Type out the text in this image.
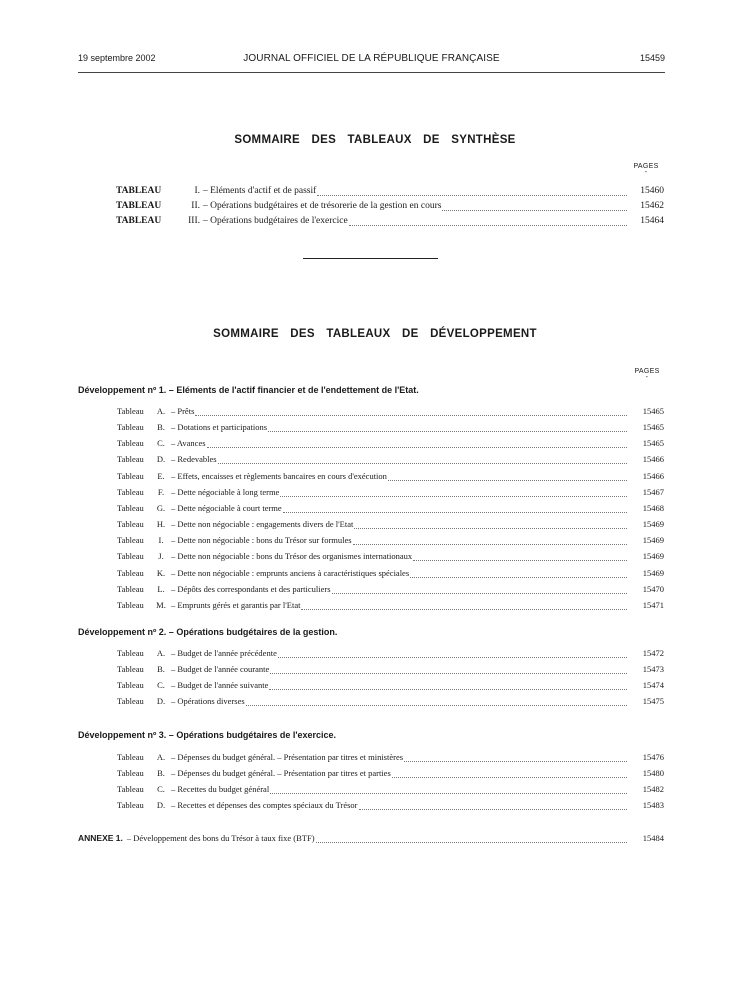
19 septembre 2002	JOURNAL OFFICIEL DE LA RÉPUBLIQUE FRANÇAISE	15459
SOMMAIRE DES TABLEAUX DE SYNTHÈSE
PAGES
-
TABLEAU	I. – Eléments d'actif et de passif	15460
TABLEAU	II. – Opérations budgétaires et de trésorerie de la gestion en cours	15462
TABLEAU	III. – Opérations budgétaires de l'exercice	15464
SOMMAIRE DES TABLEAUX DE DÉVELOPPEMENT
PAGES
-
Développement nº 1. – Eléments de l'actif financier et de l'endettement de l'Etat.
Tableau	A. – Prêts	15465
Tableau	B. – Dotations et participations	15465
Tableau	C. – Avances	15465
Tableau	D. – Redevables	15466
Tableau	E. – Effets, encaisses et règlements bancaires en cours d'exécution	15466
Tableau	F. – Dette négociable à long terme	15467
Tableau	G. – Dette négociable à court terme	15468
Tableau	H. – Dette non négociable : engagements divers de l'Etat	15469
Tableau	I. – Dette non négociable : bons du Trésor sur formules	15469
Tableau	J. – Dette non négociable : bons du Trésor des organismes internationaux	15469
Tableau	K. – Dette non négociable : emprunts anciens à caractéristiques spéciales	15469
Tableau	L. – Dépôts des correspondants et des particuliers	15470
Tableau	M. – Emprunts gérés et garantis par l'Etat	15471
Développement nº 2. – Opérations budgétaires de la gestion.
Tableau	A. – Budget de l'année précédente	15472
Tableau	B. – Budget de l'année courante	15473
Tableau	C. – Budget de l'année suivante	15474
Tableau	D. – Opérations diverses	15475
Développement nº 3. – Opérations budgétaires de l'exercice.
Tableau	A. – Dépenses du budget général. – Présentation par titres et ministères	15476
Tableau	B. – Dépenses du budget général. – Présentation par titres et parties	15480
Tableau	C. – Recettes du budget général	15482
Tableau	D. – Recettes et dépenses des comptes spéciaux du Trésor	15483
ANNEXE 1. – Développement des bons du Trésor à taux fixe (BTF)	15484
